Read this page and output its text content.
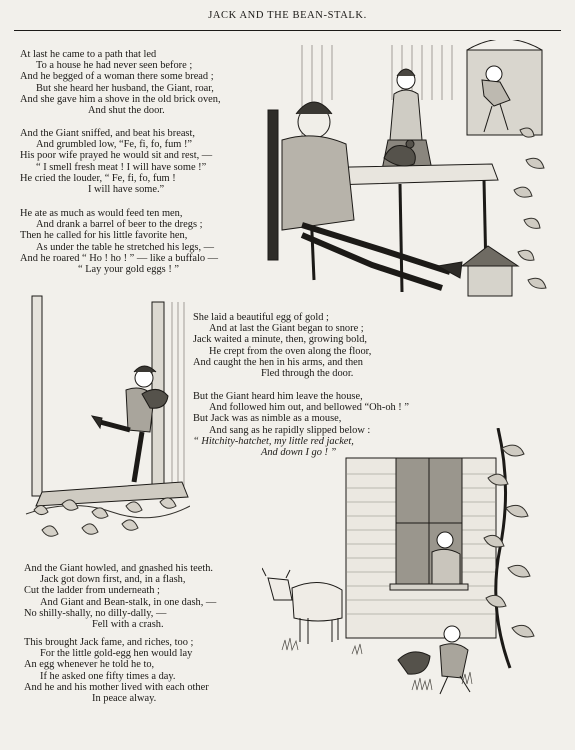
JACK AND THE BEAN-STALK.
At last he came to a path that led
To a house he had never seen before ;
And he begged of a woman there some bread ;
But she heard her husband, the Giant, roar,
And she gave him a shove in the old brick oven,
And shut the door.
And the Giant sniffed, and beat his breast,
And grumbled low, “Fe, fi, fo, fum !”
His poor wife prayed he would sit and rest, —
“ I smell fresh meat ! I will have some !”
He cried the louder, “ Fe, fi, fo, fum !
I will have some.”
He ate as much as would feed ten men,
And drank a barrel of beer to the dregs ;
Then he called for his little favorite hen,
As under the table he stretched his legs, —
And he roared “ Ho ! ho ! ” — like a buffalo —
“ Lay your gold eggs ! ”
She laid a beautiful egg of gold ;
And at last the Giant began to snore ;
Jack waited a minute, then, growing bold,
He crept from the oven along the floor,
And caught the hen in his arms, and then
Fled through the door.
But the Giant heard him leave the house,
And followed him out, and bellowed “Oh-oh ! ”
But Jack was as nimble as a mouse,
And sang as he rapidly slipped below :
“ Hitchity-hatchet, my little red jacket,
And down I go ! ”
And the Giant howled, and gnashed his teeth.
Jack got down first, and, in a flash,
Cut the ladder from underneath ;
And Giant and Bean-stalk, in one dash, —
No shilly-shally, no dilly-dally, —
Fell with a crash.
This brought Jack fame, and riches, too ;
For the little gold-egg hen would lay
An egg whenever he told he to,
If he asked one fifty times a day.
And he and his mother lived with each other
In peace alway.
